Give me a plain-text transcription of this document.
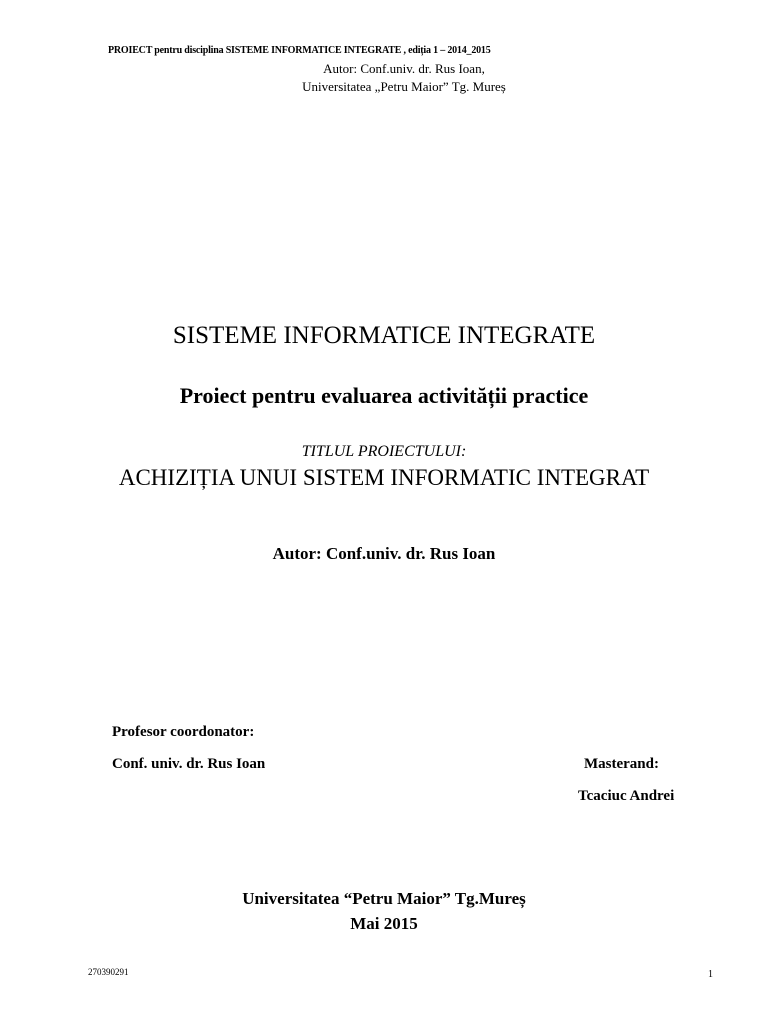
PROIECT pentru disciplina SISTEME INFORMATICE INTEGRATE , ediția 1 – 2014_2015
Autor: Conf.univ. dr. Rus Ioan,
Universitatea „Petru Maior” Tg. Mureș
SISTEME INFORMATICE INTEGRATE
Proiect pentru evaluarea activității practice
TITLUL PROIECTULUI:
ACHIZIȚIA UNUI SISTEM INFORMATIC INTEGRAT
Autor: Conf.univ. dr. Rus Ioan
Profesor coordonator:
Conf. univ. dr. Rus Ioan	Masterand:
Tcaciuc Andrei
Universitatea “Petru Maior” Tg.Mureș
Mai 2015
270390291	1
